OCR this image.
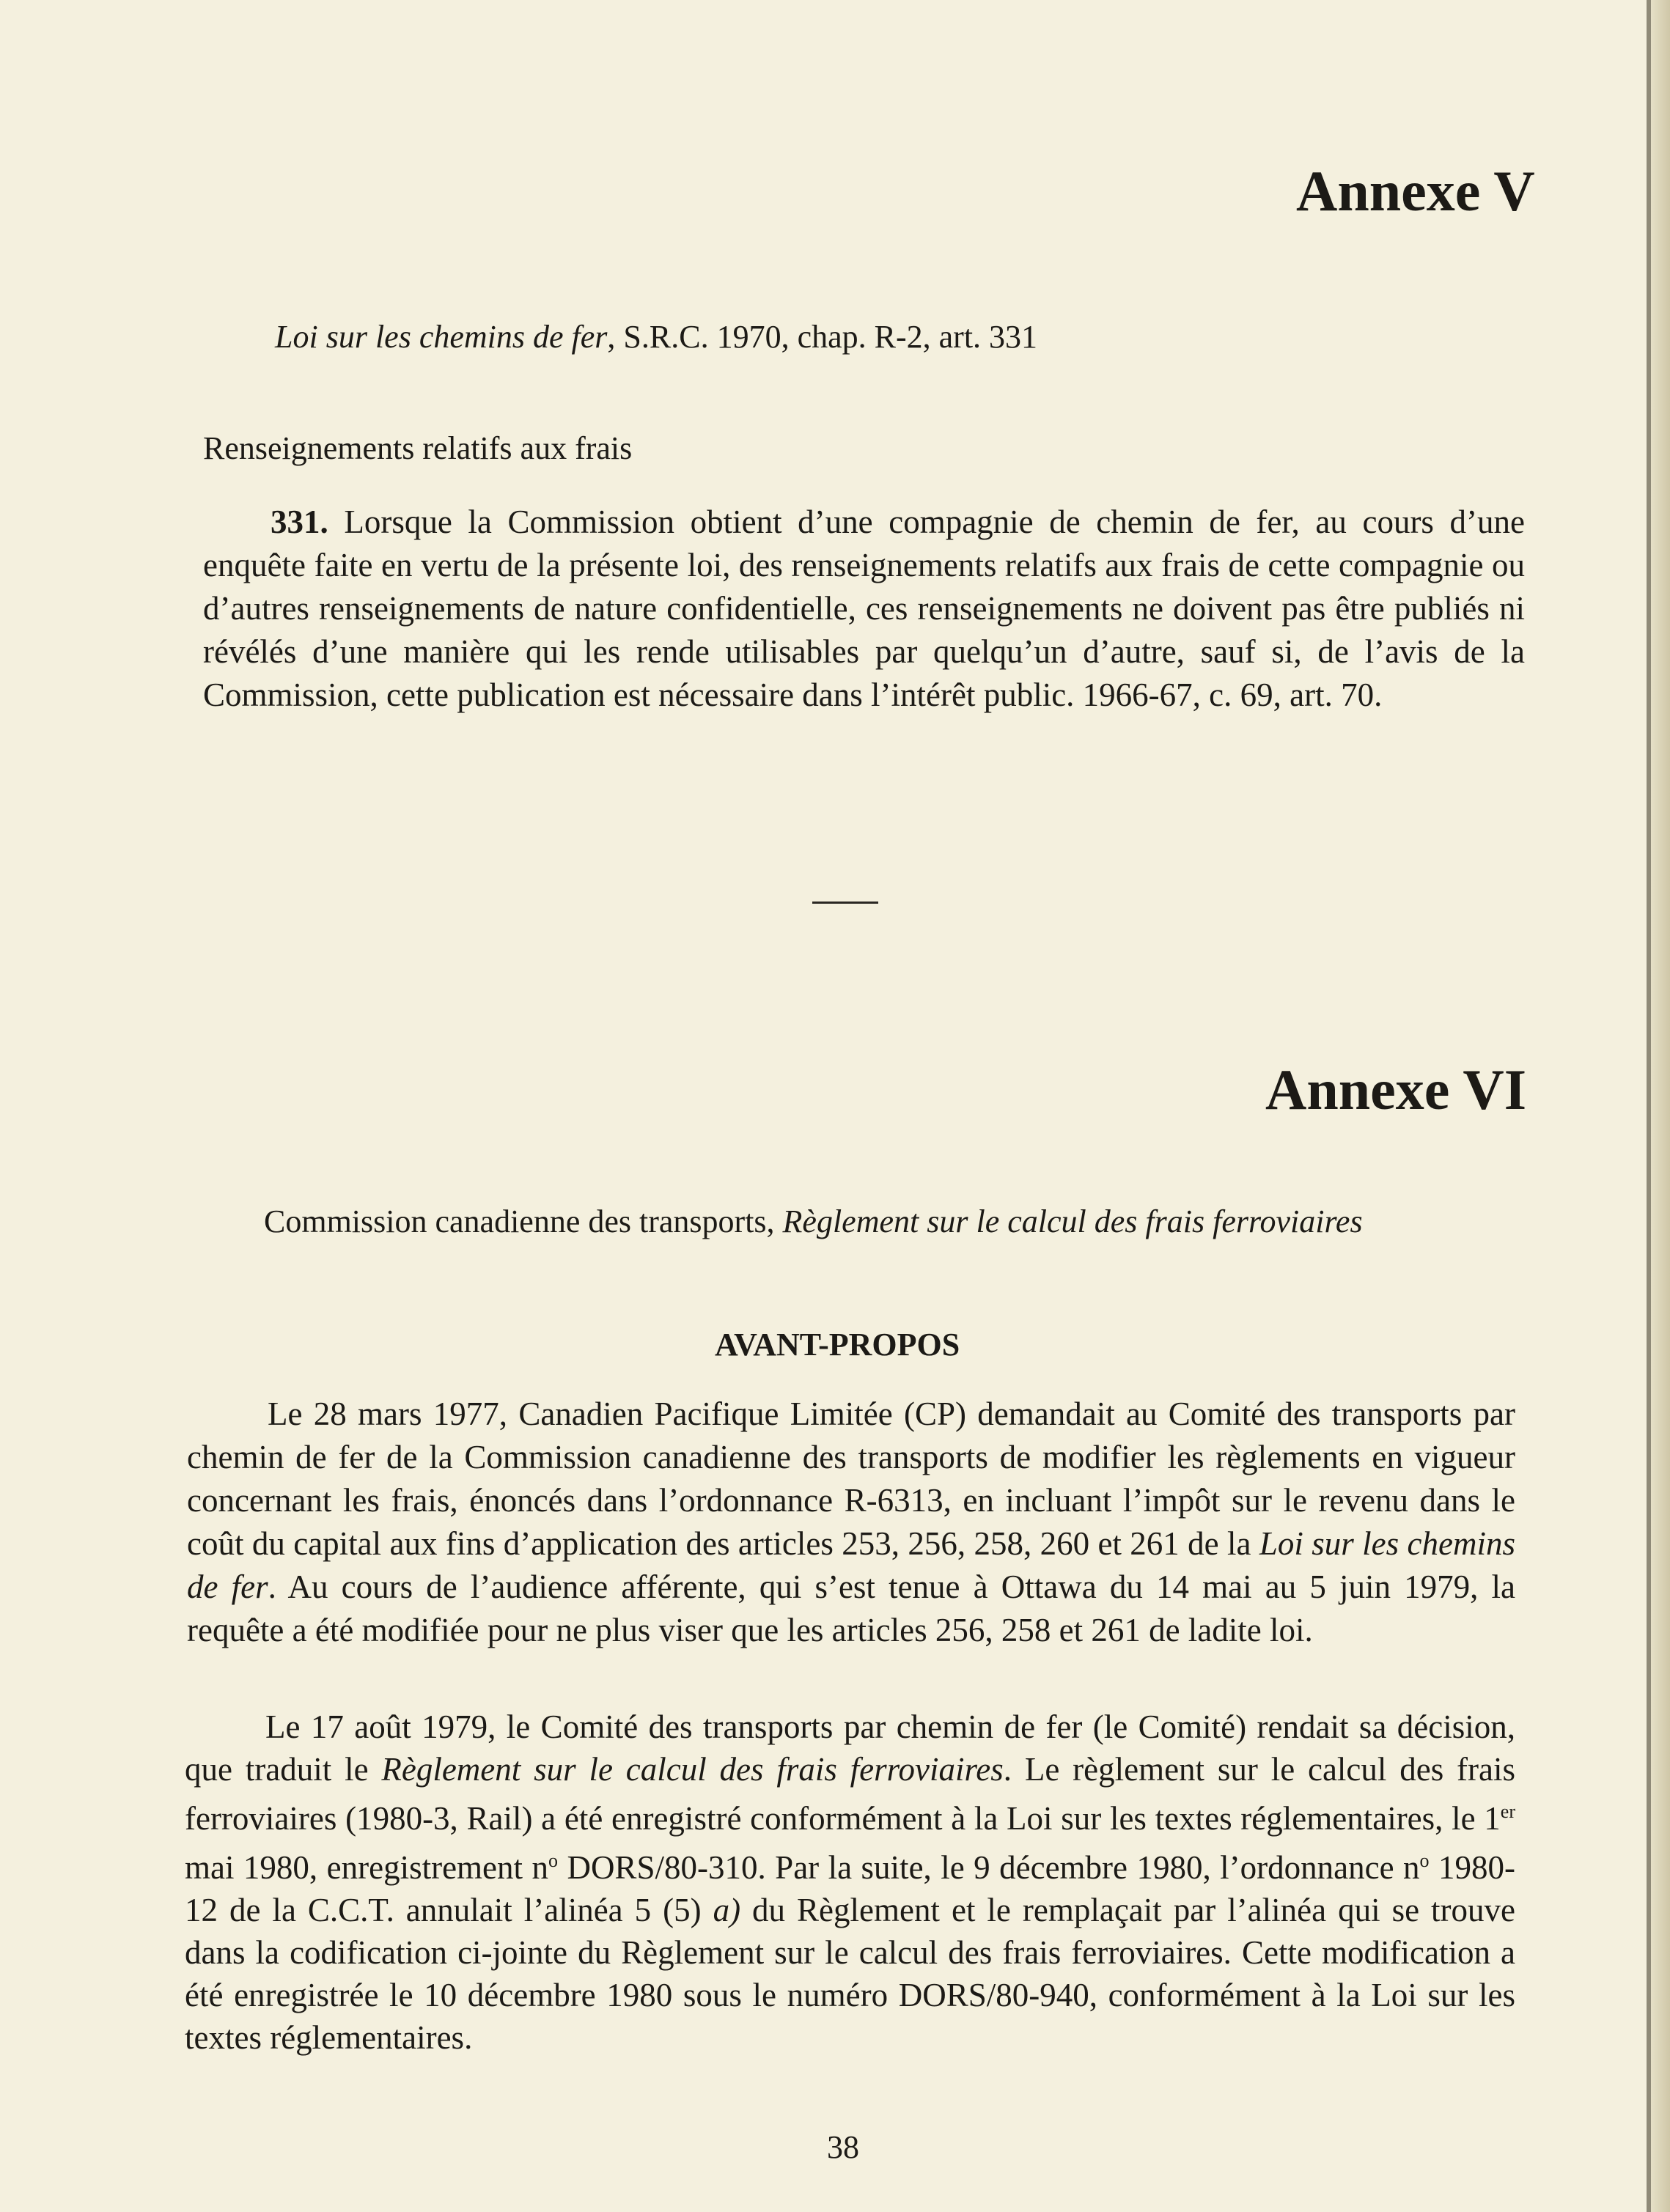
Annexe V
Loi sur les chemins de fer, S.R.C. 1970, chap. R-2, art. 331
Renseignements relatifs aux frais
331. Lorsque la Commission obtient d’une compagnie de chemin de fer, au cours d’une enquête faite en vertu de la présente loi, des renseignements relatifs aux frais de cette compagnie ou d’autres renseignements de nature confidentielle, ces renseignements ne doivent pas être publiés ni révélés d’une manière qui les rende utilisables par quelqu’un d’autre, sauf si, de l’avis de la Commission, cette publication est nécessaire dans l’intérêt public. 1966-67, c. 69, art. 70.
Annexe VI
Commission canadienne des transports, Règlement sur le calcul des frais ferroviaires
AVANT-PROPOS
Le 28 mars 1977, Canadien Pacifique Limitée (CP) demandait au Comité des transports par chemin de fer de la Commission canadienne des transports de modifier les règlements en vigueur concernant les frais, énoncés dans l’ordonnance R-6313, en incluant l’impôt sur le revenu dans le coût du capital aux fins d’application des articles 253, 256, 258, 260 et 261 de la Loi sur les chemins de fer. Au cours de l’audience afférente, qui s’est tenue à Ottawa du 14 mai au 5 juin 1979, la requête a été modifiée pour ne plus viser que les articles 256, 258 et 261 de ladite loi.
Le 17 août 1979, le Comité des transports par chemin de fer (le Comité) rendait sa décision, que traduit le Règlement sur le calcul des frais ferroviaires. Le règlement sur le calcul des frais ferroviaires (1980-3, Rail) a été enregistré conformément à la Loi sur les textes réglementaires, le 1er mai 1980, enregistrement $n^o$ DORS/80-310. Par la suite, le 9 décembre 1980, l’ordonnance $n^o$ 1980-12 de la C.C.T. annulait l’alinéa 5 (5) a) du Règlement et le remplaçait par l’alinéa qui se trouve dans la codification ci-jointe du Règlement sur le calcul des frais ferroviaires. Cette modification a été enregistrée le 10 décembre 1980 sous le numéro DORS/80-940, conformément à la Loi sur les textes réglementaires.
38
